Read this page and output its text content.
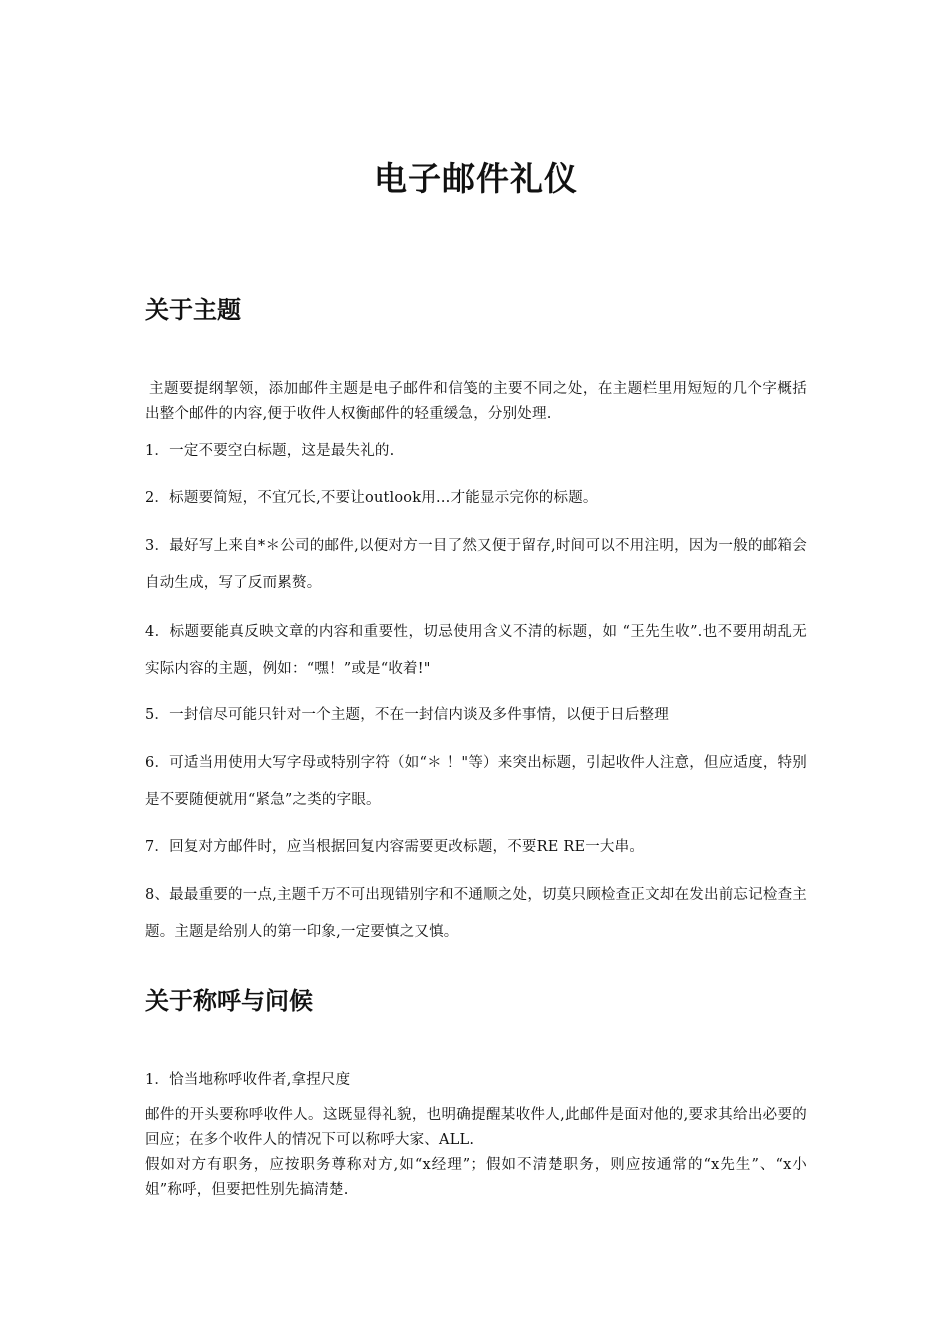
电子邮件礼仪
关于主题

主题要提纲挈领，添加邮件主题是电子邮件和信笺的主要不同之处，在主题栏里用短短的几个字概括出整个邮件的内容,便于收件人权衡邮件的轻重缓急，分别处理.

1．一定不要空白标题，这是最失礼的.

2．标题要简短，不宜冗长,不要让outlook用…才能显示完你的标题。

3．最好写上来自*＊公司的邮件,以便对方一目了然又便于留存,时间可以不用注明，因为一般的邮箱会自动生成，写了反而累赘。

4．标题要能真反映文章的内容和重要性，切忌使用含义不清的标题，如 “王先生收”.也不要用胡乱无实际内容的主题，例如：“嘿！”或是“收着!"

5．一封信尽可能只针对一个主题，不在一封信内谈及多件事情，以便于日后整理

6．可适当用使用大写字母或特别字符（如“＊ ！"等）来突出标题，引起收件人注意，但应适度，特别是不要随便就用“紧急”之类的字眼。

7．回复对方邮件时，应当根据回复内容需要更改标题，不要RE RE一大串。

8、最最重要的一点,主题千万不可出现错别字和不通顺之处，切莫只顾检查正文却在发出前忘记检查主题。主题是给别人的第一印象,一定要慎之又慎。

关于称呼与问候

1．恰当地称呼收件者,拿捏尺度

邮件的开头要称呼收件人。这既显得礼貌，也明确提醒某收件人,此邮件是面对他的,要求其给出必要的回应；在多个收件人的情况下可以称呼大家、ALL.

假如对方有职务，应按职务尊称对方,如“x经理”；假如不清楚职务，则应按通常的“x先生”、“x小姐”称呼，但要把性别先搞清楚.
